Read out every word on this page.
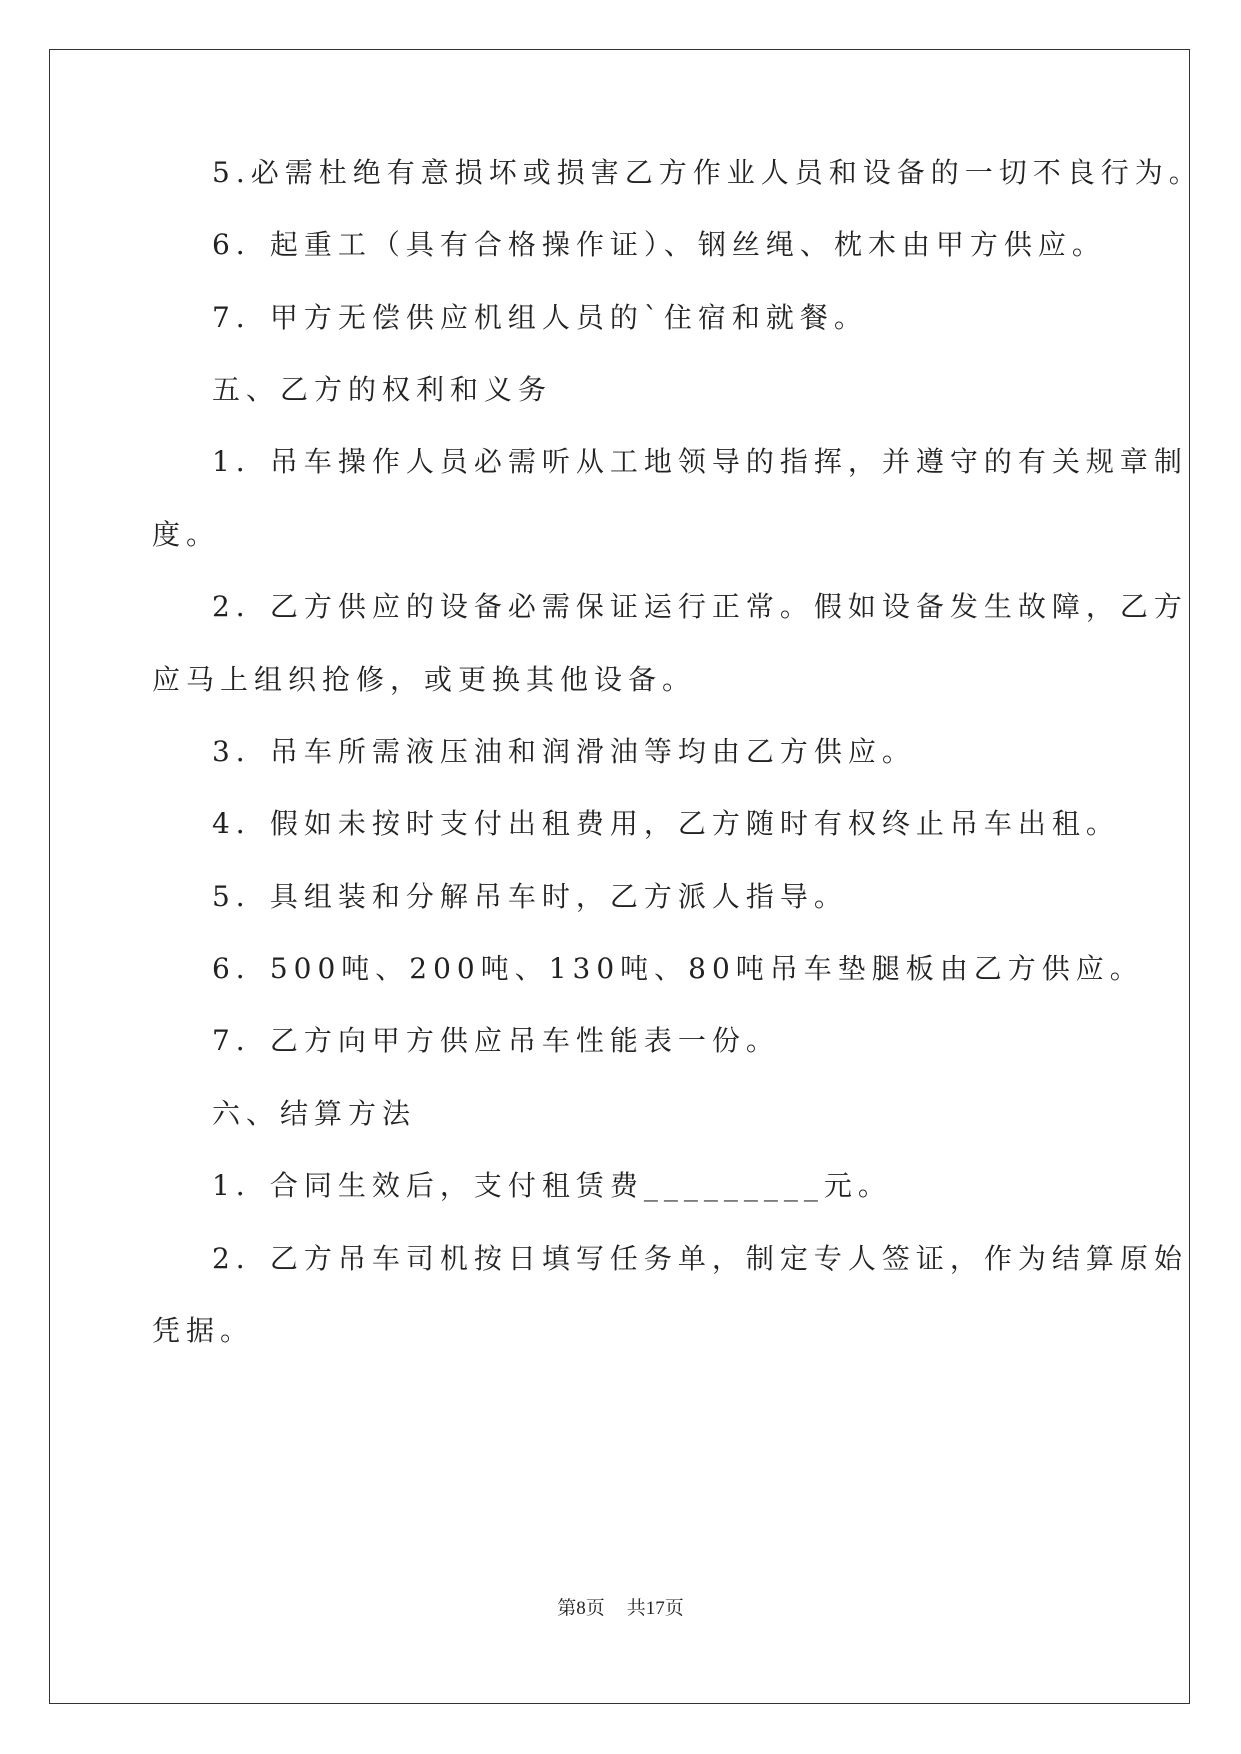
5.必需杜绝有意损坏或损害乙方作业人员和设备的一切不良行为。
6．起重工（具有合格操作证）、钢丝绳、枕木由甲方供应。
7．甲方无偿供应机组人员的`住宿和就餐。
五、乙方的权利和义务
1．吊车操作人员必需听从工地领导的指挥，并遵守的有关规章制
度。
2．乙方供应的设备必需保证运行正常。假如设备发生故障，乙方
应马上组织抢修，或更换其他设备。
3．吊车所需液压油和润滑油等均由乙方供应。
4．假如未按时支付出租费用，乙方随时有权终止吊车出租。
5．具组装和分解吊车时，乙方派人指导。
6．500吨、200吨、130吨、80吨吊车垫腿板由乙方供应。
7．乙方向甲方供应吊车性能表一份。
六、结算方法
1．合同生效后，支付租赁费_________元。
2．乙方吊车司机按日填写任务单，制定专人签证，作为结算原始
凭据。
第8页 共17页
